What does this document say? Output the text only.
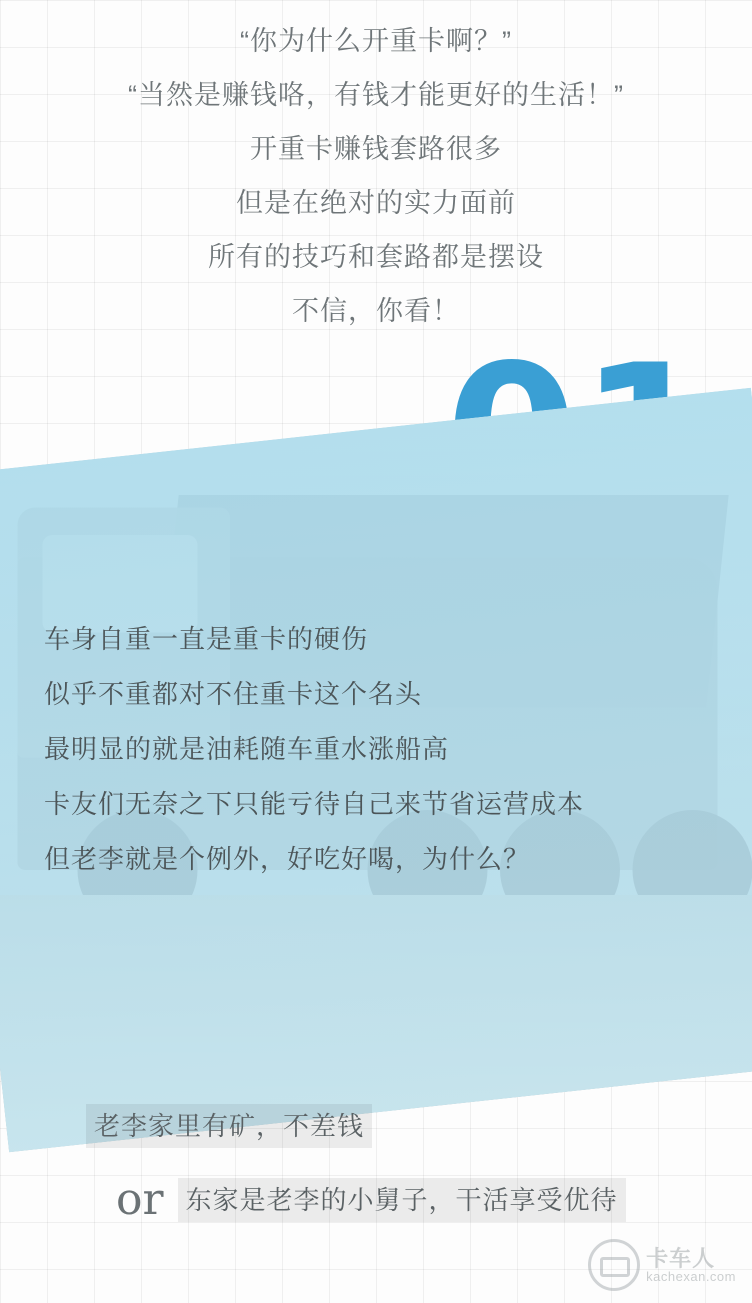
“你为什么开重卡啊？”
“当然是赚钱咯，有钱才能更好的生活！”
开重卡赚钱套路很多
但是在绝对的实力面前
所有的技巧和套路都是摆设
不信，你看！
车身自重一直是重卡的硬伤
似乎不重都对不住重卡这个名头
最明显的就是油耗随车重水涨船高
卡友们无奈之下只能亏待自己来节省运营成本
但老李就是个例外，好吃好喝，为什么？
老李家里有矿，不差钱
or 东家是老李的小舅子，干活享受优待
卡车人
kachexan.com
